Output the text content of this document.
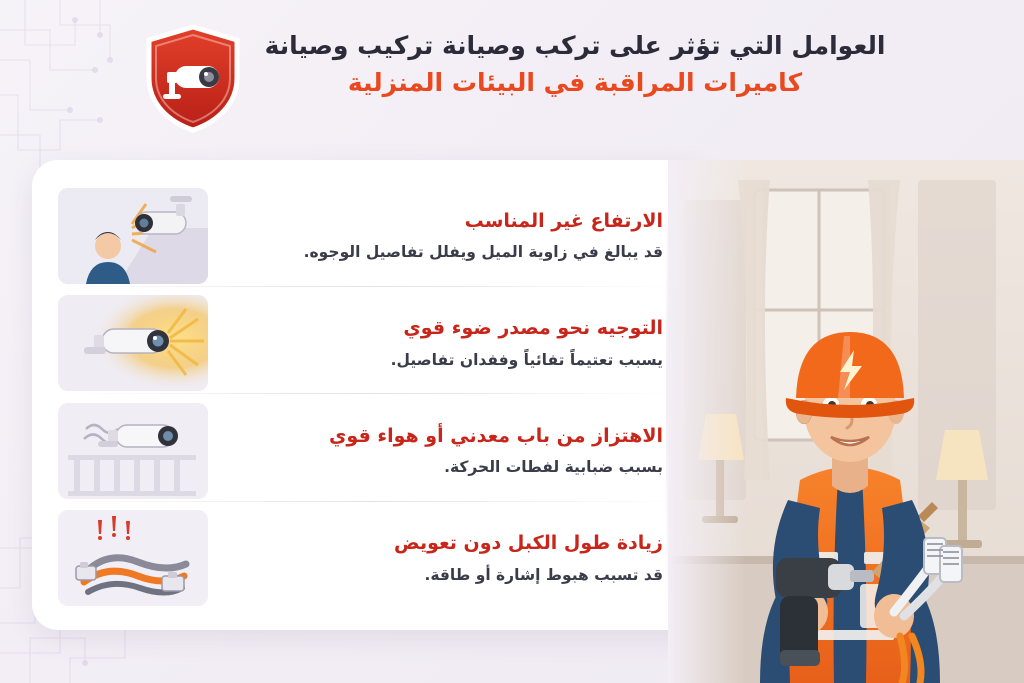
العوامل التي تؤثر على تركب وصيانة تركيب وصيانة
كاميرات المراقبة في البيئات المنزلية
الارتفاع غير المناسب
قد يبالغ في زاوية الميل ويفلل تفاصيل الوجوه.
التوجيه نحو مصدر ضوء قوي
يسبب تعتيماً تفائياً وففدان تفاصيل.
الاهتزاز من باب معدني أو هواء قوي
بسبب ضبابية لفطات الحركة.
زيادة طول الكبل دون تعويض
قد تسبب هبوط إشارة أو طاقة.
